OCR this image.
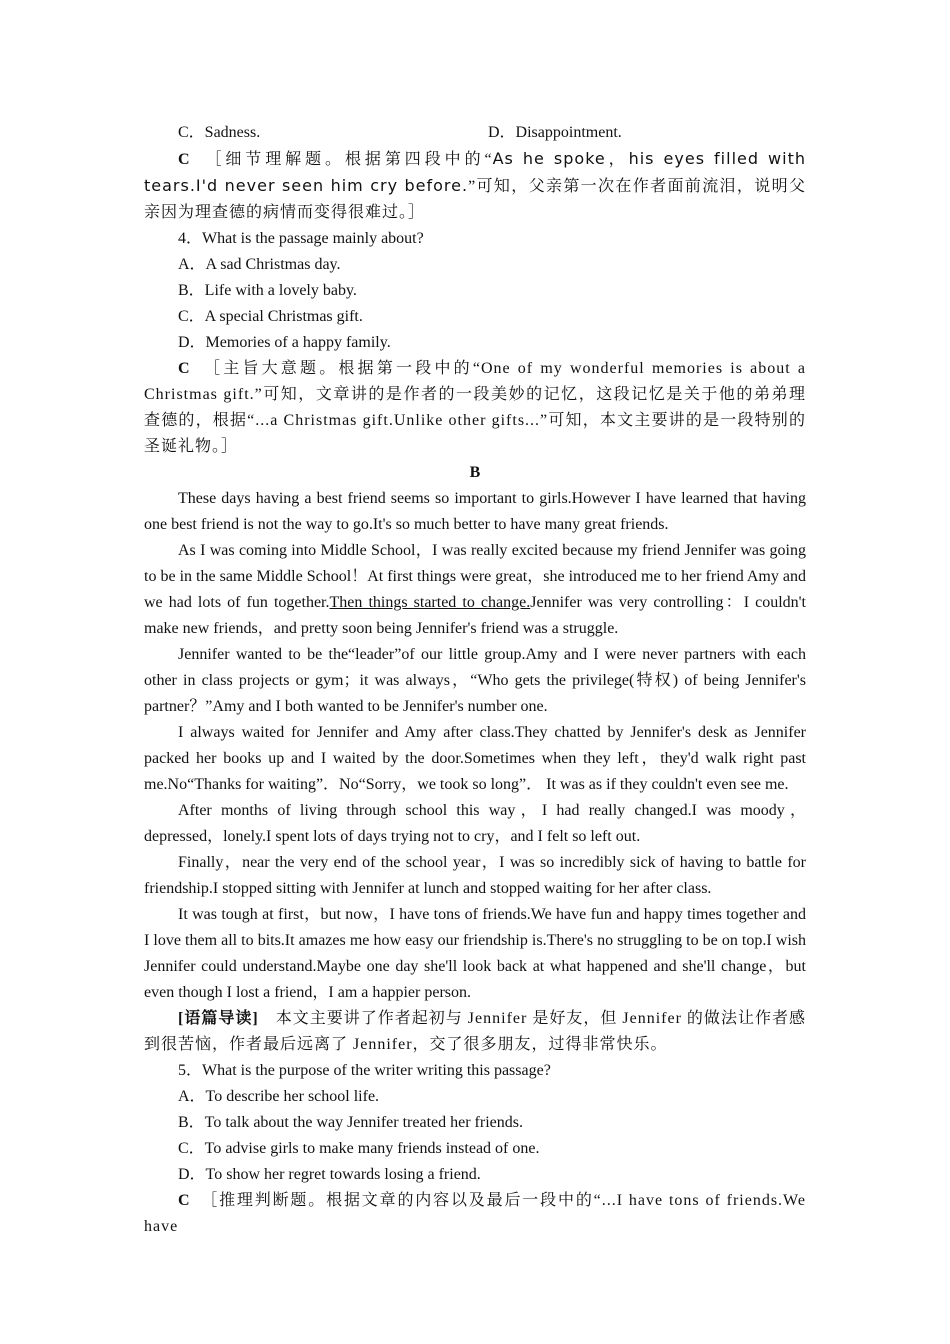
C．Sadness.	D．Disappointment.

C　 ［细节理解题。根据第四段中的“As he spoke，his eyes filled with tears.I'd never seen him cry before.”可知，父亲第一次在作者面前流泪，说明父亲因为理查德的病情而变得很难过。］

4．What is the passage mainly about?

A．A sad Christmas day.

B．Life with a lovely baby.

C．A special Christmas gift.

D．Memories of a happy family.

C　 ［主旨大意题。根据第一段中的“One of my wonderful memories is about a Christmas gift.”可知，文章讲的是作者的一段美妙的记忆，这段记忆是关于他的弟弟理查德的，根据“...a Christmas gift.Unlike other gifts...”可知，本文主要讲的是一段特别的圣诞礼物。］

B

These days having a best friend seems so important to girls.However I have learned that having one best friend is not the way to go.It's so much better to have many great friends.

As I was coming into Middle School，I was really excited because my friend Jennifer was going to be in the same Middle School！At first things were great，she introduced me to her friend Amy and we had lots of fun together.Then things started to change.Jennifer was very controlling：I couldn't make new friends，and pretty soon being Jennifer's friend was a struggle.

Jennifer wanted to be the“leader”of our little group.Amy and I were never partners with each other in class projects or gym；it was always，“Who gets the privilege(特权) of being Jennifer's partner？”Amy and I both wanted to be Jennifer's number one.

I always waited for Jennifer and Amy after class.They chatted by Jennifer's desk as Jennifer packed her books up and I waited by the door.Sometimes when they left，they'd walk right past me.No“Thanks for waiting”．No“Sorry，we took so long”． It was as if they couldn't even see me.

After months of living through school this way，I had really changed.I was moody，depressed，lonely.I spent lots of days trying not to cry，and I felt so left out.

Finally，near the very end of the school year，I was so incredibly sick of having to battle for friendship.I stopped sitting with Jennifer at lunch and stopped waiting for her after class.

It was tough at first，but now，I have tons of friends.We have fun and happy times together and I love them all to bits.It amazes me how easy our friendship is.There's no struggling to be on top.I wish Jennifer could understand.Maybe one day she'll look back at what happened and she'll change，but even though I lost a friend，I am a happier person.

[语篇导读]　 本文主要讲了作者起初与 Jennifer 是好友，但 Jennifer 的做法让作者感到很苦恼，作者最后远离了 Jennifer，交了很多朋友，过得非常快乐。

5．What is the purpose of the writer writing this passage?

A．To describe her school life.

B．To talk about the way Jennifer treated her friends.

C．To advise girls to make many friends instead of one.

D．To show her regret towards losing a friend.

C　 ［推理判断题。根据文章的内容以及最后一段中的“...I have tons of friends.We have
